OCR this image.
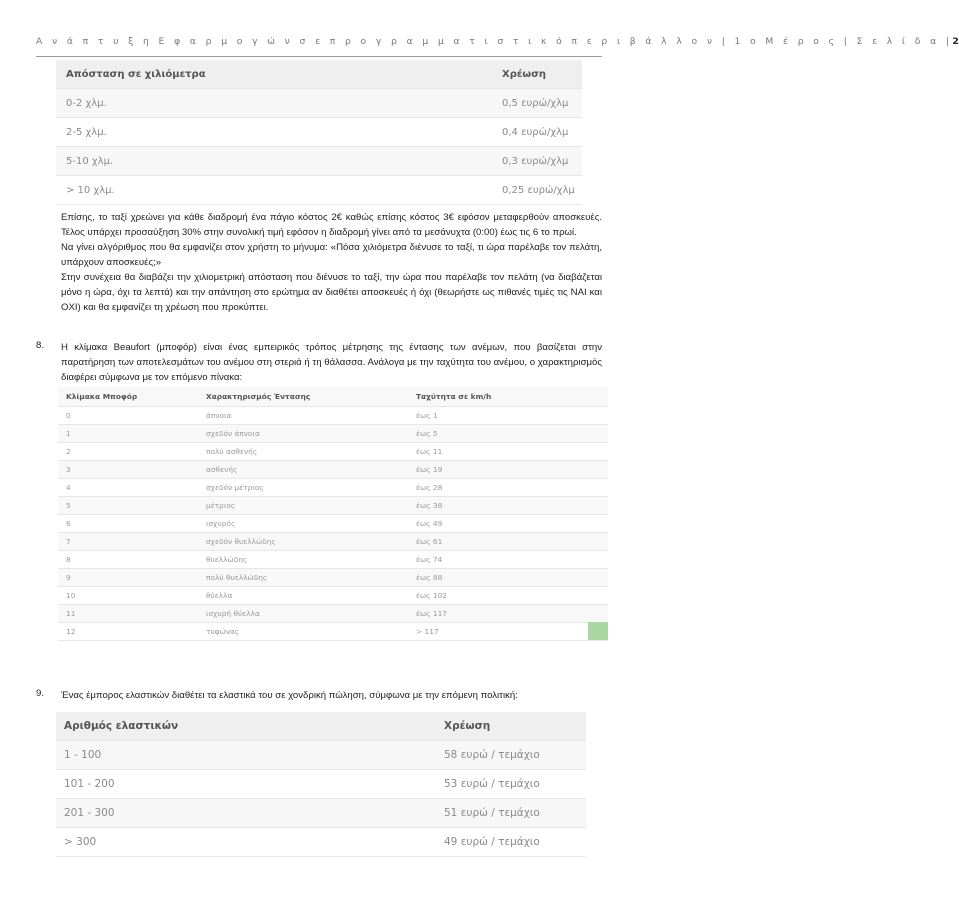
Α ν ά π τ υ ξ η Ε φ α ρ μ ο γ ώ ν σ ε π ρ ο γ ρ α μ μ α τ ι σ τ ι κ ό π ε ρ ι β ά λ λ ο ν | 1 ο Μ έ ρ ο ς | Σ ε λ ί δ α |2
Απόσταση σε χιλιόμετρα	Χρέωση
0-2 χλμ.	0,5 ευρώ/χλμ
2-5 χλμ.	0,4 ευρώ/χλμ
5-10 χλμ.	0,3 ευρώ/χλμ
> 10 χλμ.	0,25 ευρώ/χλμ
Επίσης, το ταξί χρεώνει για κάθε διαδρομή ένα πάγιο κόστος 2€ καθώς επίσης κόστος 3€ εφόσον μεταφερθούν αποσκευές. Τέλος υπάρχει προσαύξηση 30% στην συνολική τιμή εφόσον η διαδρομή γίνει από τα μεσάνυχτα (0:00) έως τις 6 το πρωί.
Να γίνει αλγόριθμος που θα εμφανίζει στον χρήστη το μήνυμα: «Πόσα χιλιόμετρα διένυσε το ταξί, τι ώρα παρέλαβε τον πελάτη, υπάρχουν αποσκευές;»
Στην συνέχεια θα διαβάζει την χιλιομετρική απόσταση που διένυσε το ταξί, την ώρα που παρέλαβε τον πελάτη (να διαβάζεται μόνο η ώρα, όχι τα λεπτά) και την απάντηση στο ερώτημα αν διαθέτει αποσκευές ή όχι (θεωρήστε ως πιθανές τιμές τις ΝΑΙ και ΟΧΙ) και θα εμφανίζει τη χρέωση που προκύπτει.
8. Η κλίμακα Beaufort (μποφόρ) είναι ένας εμπειρικός τρόπος μέτρησης της έντασης των ανέμων, που βασίζεται στην παρατήρηση των αποτελεσμάτων του ανέμου στη στεριά ή τη θάλασσα. Ανάλογα με την ταχύτητα του ανέμου, ο χαρακτηρισμός διαφέρει σύμφωνα με τον επόμενο πίνακα:
Κλίμακα Μποφόρ	Χαρακτηρισμός Έντασης	Ταχύτητα σε km/h
0	άπνοια	έως 1
1	σχεδόν άπνοια	έως 5
2	πολύ ασθενής	έως 11
3	ασθενής	έως 19
4	σχεδόν μέτριος	έως 28
5	μέτριος	έως 38
6	ισχυρός	έως 49
7	σχεδόν θυελλώδης	έως 61
8	θυελλώδης	έως 74
9	πολύ θυελλώδης	έως 88
10	θύελλα	έως 102
11	ισχυρή θύελλα	έως 117
12	τυφώνας	> 117
9. Ένας έμπορος ελαστικών διαθέτει τα ελαστικά του σε χονδρική πώληση, σύμφωνα με την επόμενη πολιτική:
Αριθμός ελαστικών	Χρέωση
1 - 100	58 ευρώ / τεμάχιο
101 - 200	53 ευρώ / τεμάχιο
201 - 300	51 ευρώ / τεμάχιο
> 300	49 ευρώ / τεμάχιο
